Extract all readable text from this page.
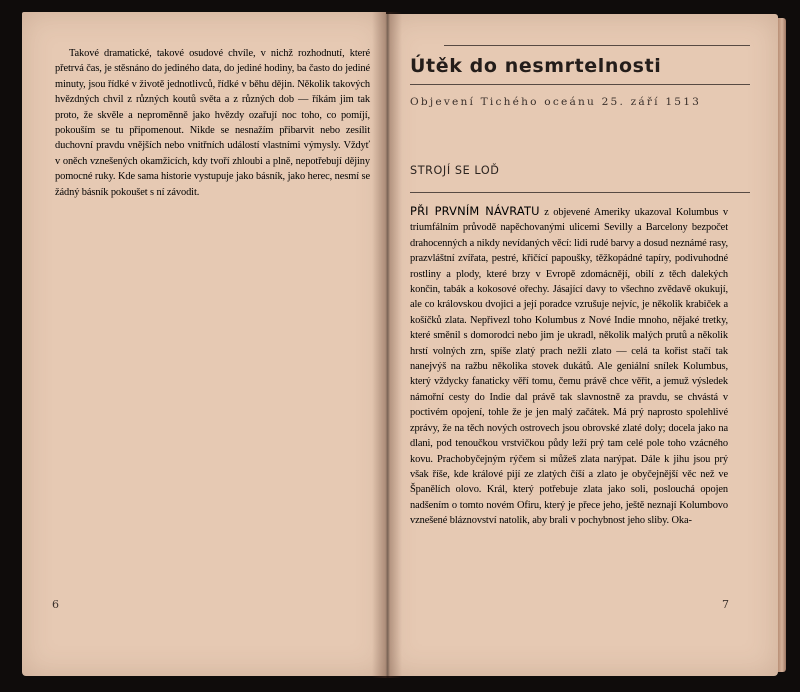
Takové dramatické, takové osudové chvíle, v nichž rozhodnutí, které přetrvá čas, je stěsnáno do jediného data, do jediné hodiny, ba často do jediné minuty, jsou řídké v životě jednotlivců, řídké v běhu dějin. Několik takových hvězdných chvil z různých koutů světa a z různých dob — říkám jim tak proto, že skvěle a neproměnně jako hvězdy ozařují noc toho, co pomíjí, pokouším se tu připomenout. Nikde se nesnažím přibarvit nebo zesílit duchovní pravdu vnějších nebo vnitřních událostí vlastními výmysly. Vždyť v oněch vznešených okamžicích, kdy tvoří zhloubi a plně, nepotřebují dějiny pomocné ruky. Kde sama historie vystupuje jako básník, jako herec, nesmí se žádný básník pokoušet s ní závodit.

6
Útěk do nesmrtelnosti
Objevení Tichého oceánu 25. září 1513
STROJÍ SE LOĎ

PŘI PRVNÍM NÁVRATU z objevené Ameriky ukazoval Kolumbus v triumfálním průvodě napěchovanými ulicemi Sevilly a Barcelony bezpočet drahocenných a nikdy nevídaných věcí: lidi rudé barvy a dosud neznámé rasy, prazvláštní zvířata, pestré, křičící papoušky, těžkopádné tapíry, podivuhodné rostliny a plody, které brzy v Evropě zdomácnějí, obilí z těch dalekých končin, tabák a kokosové ořechy. Jásající davy to všechno zvědavě okukují, ale co královskou dvojici a její poradce vzrušuje nejvíc, je několik krabiček a košíčků zlata. Nepřivezl toho Kolumbus z Nové Indie mnoho, nějaké tretky, které směnil s domorodci nebo jim je ukradl, několik malých prutů a několik hrstí volných zrn, spíše zlatý prach nežli zlato — celá ta kořist stačí tak nanejvýš na ražbu několika stovek dukátů. Ale geniální snílek Kolumbus, který vždycky fanaticky věří tomu, čemu právě chce věřit, a jemuž výsledek námořní cesty do Indie dal právě tak slavnostně za pravdu, se chvástá v poctivém opojení, tohle že je jen malý začátek. Má prý naprosto spolehlivé zprávy, že na těch nových ostrovech jsou obrovské zlaté doly; docela jako na dlani, pod tenoučkou vrstvičkou půdy leží prý tam celé pole toho vzácného kovu. Prachobyčejným rýčem si můžeš zlata narýpat. Dále k jihu jsou prý však říše, kde králové pijí ze zlatých číší a zlato je obyčejnější věc než ve Španělích olovo. Král, který potřebuje zlata jako soli, poslouchá opojen nadšením o tomto novém Ofiru, který je přece jeho, ještě neznají Kolumbovo vznešené bláznovství natolik, aby brali v pochybnost jeho sliby. Oka-

7
